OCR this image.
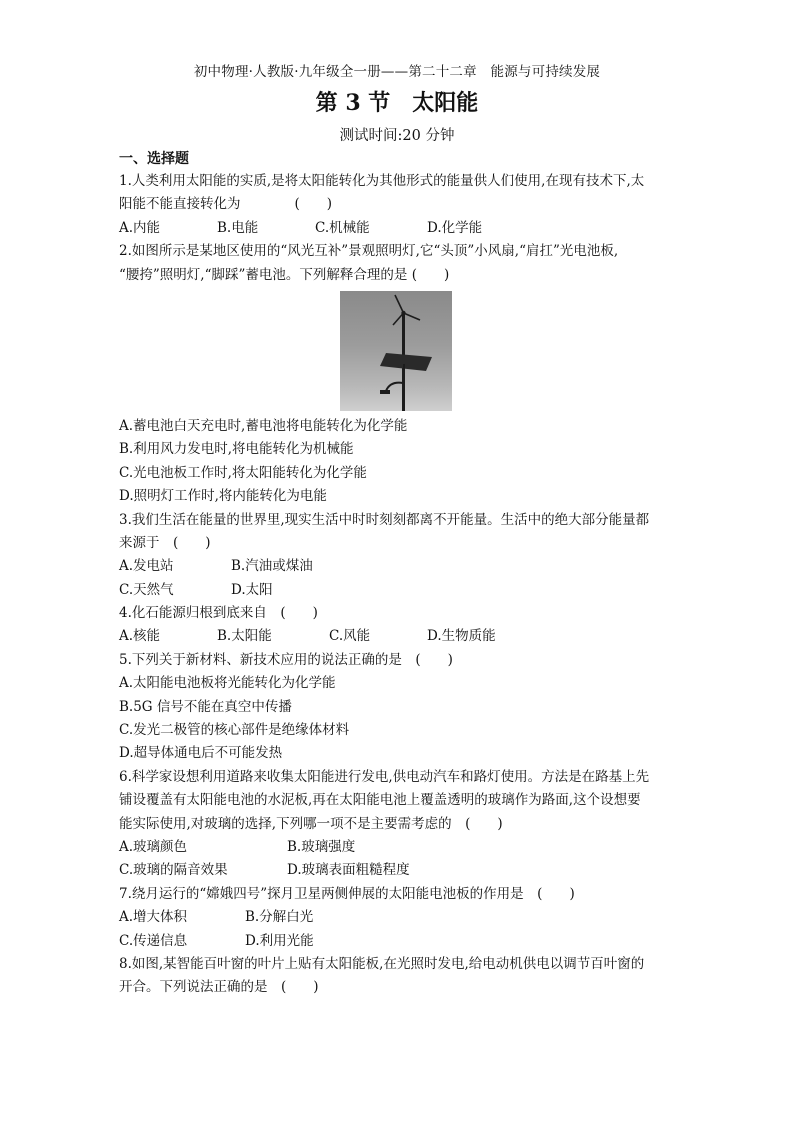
初中物理·人教版·九年级全一册——第二十二章　能源与可持续发展
第 3 节　太阳能
测试时间:20 分钟
一、选择题
1.人类利用太阳能的实质,是将太阳能转化为其他形式的能量供人们使用,在现有技术下,太
阳能不能直接转化为　　　　(　　)
A.内能	B.电能	C.机械能	D.化学能
2.如图所示是某地区使用的“风光互补”景观照明灯,它“头顶”小风扇,“肩扛”光电池板,
“腰挎”照明灯,“脚踩”蓄电池。下列解释合理的是 (　　)
A.蓄电池白天充电时,蓄电池将电能转化为化学能
B.利用风力发电时,将电能转化为机械能
C.光电池板工作时,将太阳能转化为化学能
D.照明灯工作时,将内能转化为电能
3.我们生活在能量的世界里,现实生活中时时刻刻都离不开能量。生活中的绝大部分能量都
来源于　(　　)
A.发电站	B.汽油或煤油
C.天然气	D.太阳
4.化石能源归根到底来自　(　　)
A.核能	B.太阳能	C.风能	D.生物质能
5.下列关于新材料、新技术应用的说法正确的是　(　　)
A.太阳能电池板将光能转化为化学能
B.5G 信号不能在真空中传播
C.发光二极管的核心部件是绝缘体材料
D.超导体通电后不可能发热
6.科学家设想利用道路来收集太阳能进行发电,供电动汽车和路灯使用。方法是在路基上先
铺设覆盖有太阳能电池的水泥板,再在太阳能电池上覆盖透明的玻璃作为路面,这个设想要
能实际使用,对玻璃的选择,下列哪一项不是主要需考虑的　(　　)
A.玻璃颜色	B.玻璃强度
C.玻璃的隔音效果	D.玻璃表面粗糙程度
7.绕月运行的“嫦娥四号”探月卫星两侧伸展的太阳能电池板的作用是　(　　)
A.增大体积	B.分解白光
C.传递信息	D.利用光能
8.如图,某智能百叶窗的叶片上贴有太阳能板,在光照时发电,给电动机供电以调节百叶窗的
开合。下列说法正确的是　(　　)
